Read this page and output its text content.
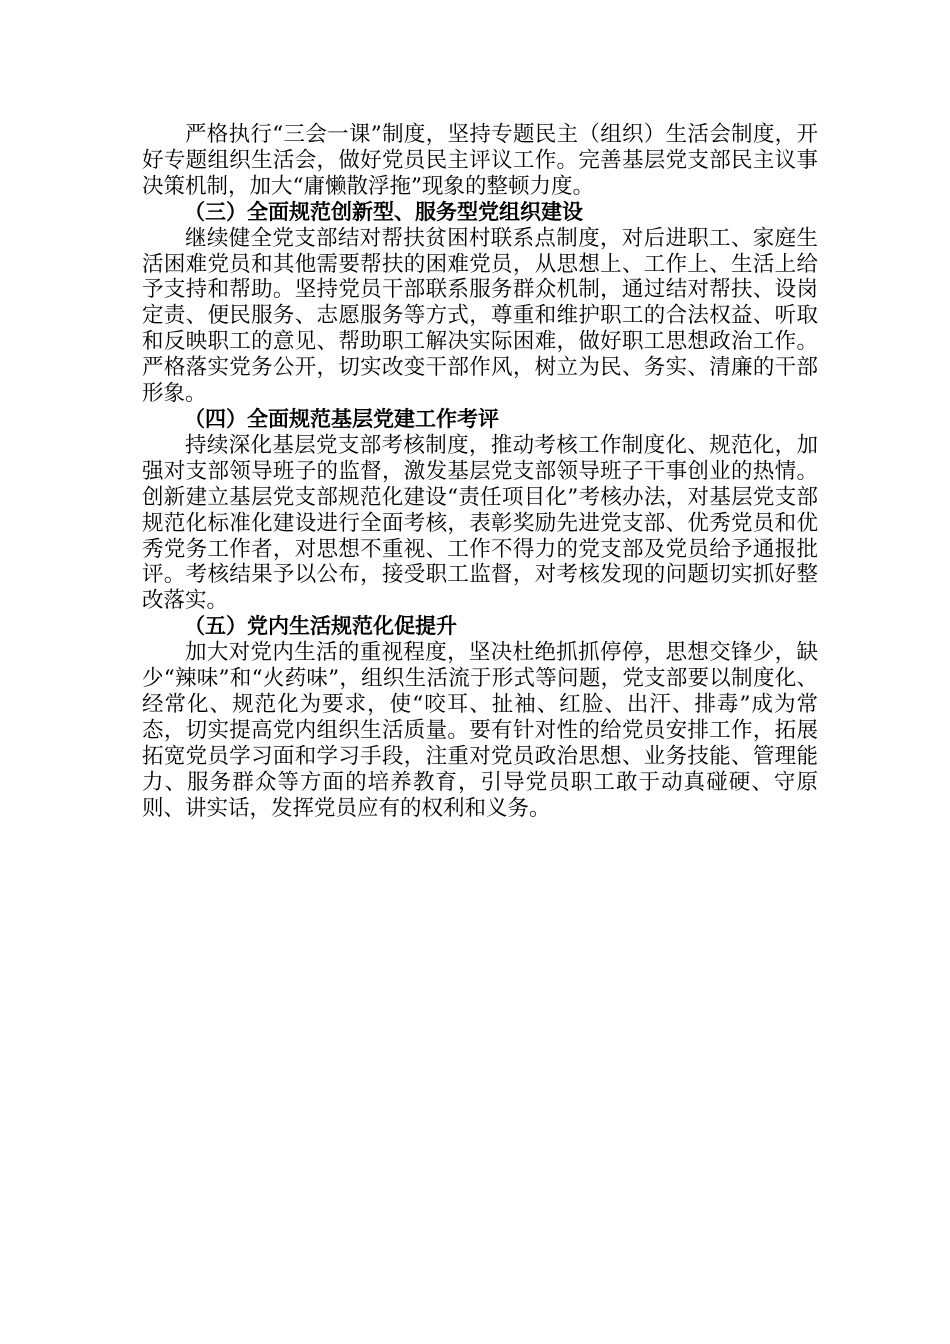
严格执行“三会一课”制度，坚持专题民主（组织）生活会制度，开好专题组织生活会，做好党员民主评议工作。完善基层党支部民主议事决策机制，加大“庸懒散浮拖”现象的整顿力度。

（三）全面规范创新型、服务型党组织建设

继续健全党支部结对帮扶贫困村联系点制度，对后进职工、家庭生活困难党员和其他需要帮扶的困难党员，从思想上、工作上、生活上给予支持和帮助。坚持党员干部联系服务群众机制，通过结对帮扶、设岗定责、便民服务、志愿服务等方式，尊重和维护职工的合法权益、听取和反映职工的意见、帮助职工解决实际困难，做好职工思想政治工作。严格落实党务公开，切实改变干部作风，树立为民、务实、清廉的干部形象。

（四）全面规范基层党建工作考评

持续深化基层党支部考核制度，推动考核工作制度化、规范化，加强对支部领导班子的监督，激发基层党支部领导班子干事创业的热情。创新建立基层党支部规范化建设“责任项目化”考核办法，对基层党支部规范化标准化建设进行全面考核，表彰奖励先进党支部、优秀党员和优秀党务工作者，对思想不重视、工作不得力的党支部及党员给予通报批评。考核结果予以公布，接受职工监督，对考核发现的问题切实抓好整改落实。

（五）党内生活规范化促提升

加大对党内生活的重视程度，坚决杜绝抓抓停停，思想交锋少，缺少“辣味”和“火药味”，组织生活流于形式等问题，党支部要以制度化、经常化、规范化为要求，使“咬耳、扯袖、红脸、出汗、排毒”成为常态，切实提高党内组织生活质量。要有针对性的给党员安排工作，拓展拓宽党员学习面和学习手段，注重对党员政治思想、业务技能、管理能力、服务群众等方面的培养教育，引导党员职工敢于动真碰硬、守原则、讲实话，发挥党员应有的权利和义务。
